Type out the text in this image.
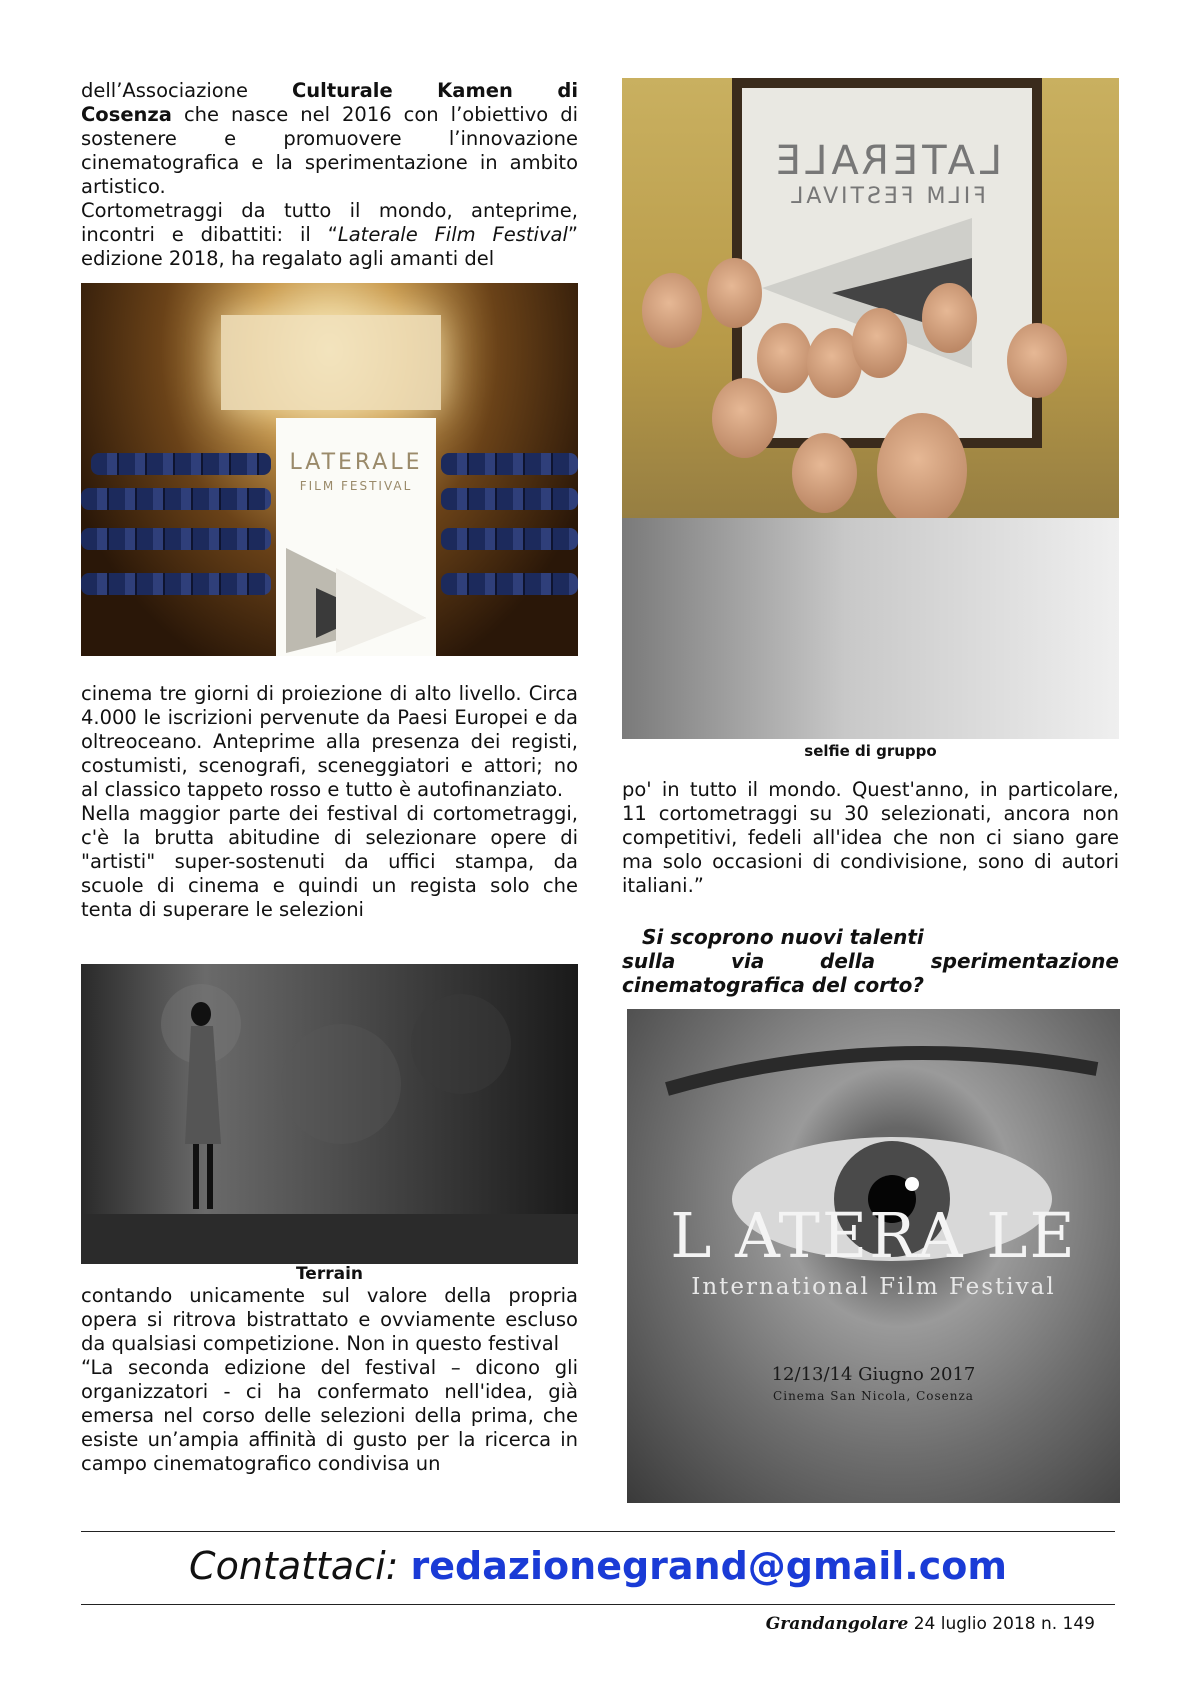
dell’Associazione Culturale Kamen di

Cosenza che nasce nel 2016 con l’obiettivo di sostenere e promuovere l’innovazione cinematografica e la sperimentazione in ambito artistico.

Cortometraggi da tutto il mondo, anteprime, incontri e dibattiti: il “Laterale Film Festival” edizione 2018, ha regalato agli amanti del

LATERALE
FILM FESTIVAL

cinema tre giorni di proiezione di alto livello. Circa 4.000 le iscrizioni pervenute da Paesi Europei e da oltreoceano. Anteprime alla presenza dei registi, costumisti, scenografi, sceneggiatori e attori; no al classico tappeto rosso e tutto è autofinanziato.

Nella maggior parte dei festival di cortometraggi, c'è la brutta abitudine di selezionare opere di "artisti" super-sostenuti da uffici stampa, da scuole di cinema e quindi un regista solo che tenta di superare le selezioni

Terrain

contando unicamente sul valore della propria opera si ritrova bistrattato e ovviamente escluso da qualsiasi competizione. Non in questo festival

“La seconda edizione del festival – dicono gli organizzatori - ci ha confermato nell'idea, già emersa nel corso delle selezioni della prima, che esiste un’ampia affinità di gusto per la ricerca in campo cinematografico condivisa un

LATERALE
FILM FESTIVAL
selfie di gruppo

po' in tutto il mondo. Quest'anno, in particolare, 11 cortometraggi su 30 selezionati, ancora non competitivi, fedeli all'idea che non ci siano gare ma solo occasioni di condivisione, sono di autori italiani.”

Si scoprono nuovi talenti
sulla via della sperimentazione
cinematografica del corto?
L ATERA LE
International Film Festival
12/13/14 Giugno 2017
Cinema San Nicola, Cosenza
Contattaci: redazionegrand@gmail.com
Grandangolare 24 luglio 2018 n. 149
